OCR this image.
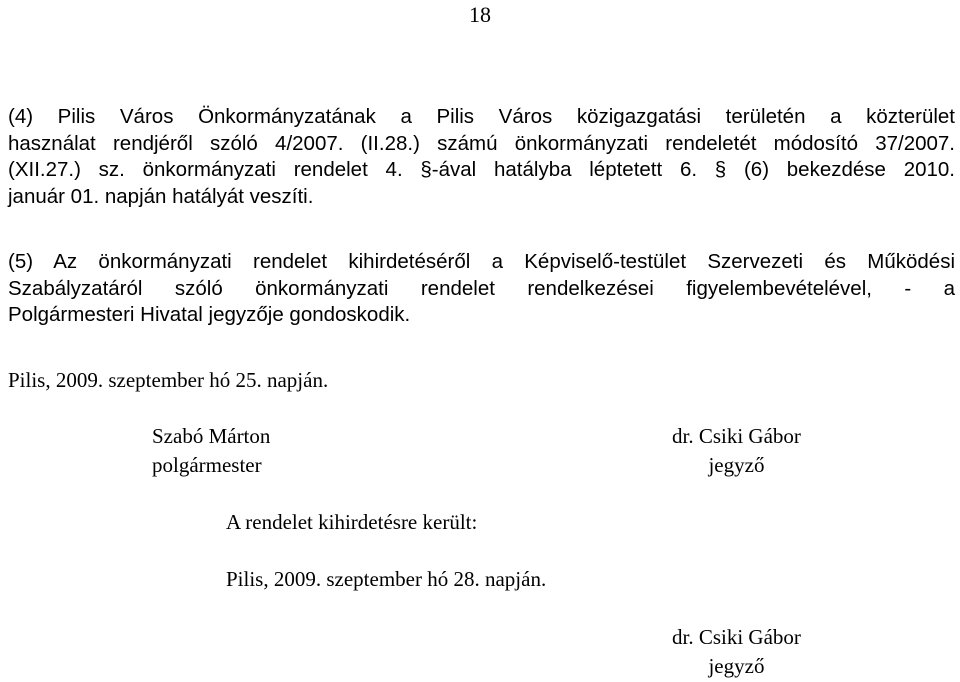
18

(4) Pilis Város Önkormányzatának a Pilis Város közigazgatási területén a közterület
használat rendjéről szóló 4/2007. (II.28.) számú önkormányzati rendeletét módosító 37/2007.
(XII.27.) sz. önkormányzati rendelet 4. §-ával hatályba léptetett 6. § (6) bekezdése 2010.
január 01. napján hatályát veszíti.

(5) Az önkormányzati rendelet kihirdetéséről a Képviselő-testület Szervezeti és Működési
Szabályzatáról szóló önkormányzati rendelet rendelkezései figyelembevételével, - a
Polgármesteri Hivatal jegyzője gondoskodik.

Pilis, 2009. szeptember hó 25. napján.
Szabó Márton
polgármester
dr. Csiki Gábor
jegyző
A rendelet kihirdetésre került:
Pilis, 2009. szeptember hó 28. napján.
dr. Csiki Gábor
jegyző
